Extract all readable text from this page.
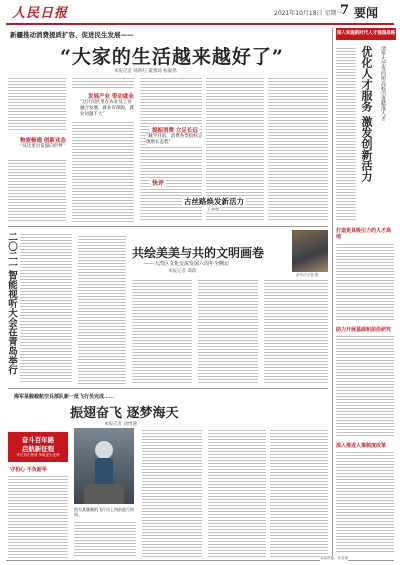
人民日报	2021年10月18日 星期一
7 要闻
新疆推动消费提质扩容、促进民生发展——
“大家的生活越来越好了”
本报记者 韩秋红 董雅琦 杨毅然
物流畅通 创新业态
“从这里出发面向世界”
发展产业 带动就业
“这片园区里在农业及工业融合发展，就业有保障，就业问题不大”
提振消费 立足长远
“截至目前，消费各类指标呈现增长态势”
快评
古丝路焕发新活力
王亦明
二〇二一智能视听大会在青岛举行	共绘美美与共的文明画卷
——大湾区文化交流发展六周年全侧记
本报记者 谭政
海军某舰载航空兵部队新一批飞行员完成……
振翅奋飞 逐梦海天
本报记者 刘博通
奋斗百年路
启航新征程
·牢记初心使命 争取更大光荣·
守初心 不负韶华
图为某舰载机飞行员上岗前进行培训。
深入实施新时代人才强国战略
清华大学等四所高校引进精准人才
优化人才服务 激发创新活力
打造更具吸引力的人才高地
助力开展基础和前沿研究
深入推进人事制度改革
本版责编：孙亚楠
新华社记者 摄
